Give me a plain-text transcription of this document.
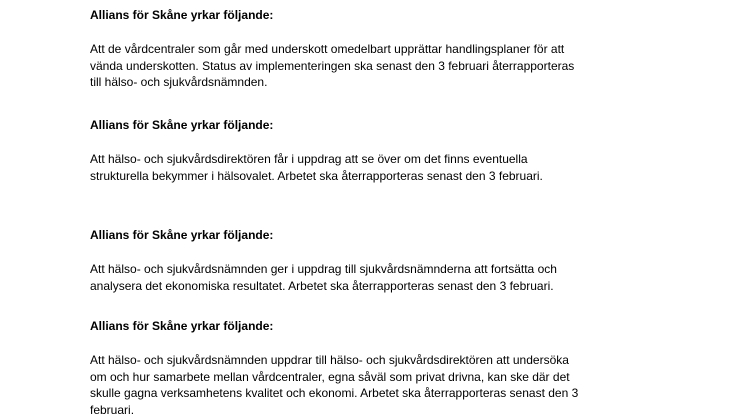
Allians för Skåne yrkar följande:

Att de vårdcentraler som går med underskott omedelbart upprättar handlingsplaner för att
vända underskotten. Status av implementeringen ska senast den 3 februari återrapporteras
till hälso- och sjukvårdsnämnden.

Allians för Skåne yrkar följande:

Att hälso- och sjukvårdsdirektören får i uppdrag att se över om det finns eventuella
strukturella bekymmer i hälsovalet. Arbetet ska återrapporteras senast den 3 februari.

Allians för Skåne yrkar följande:

Att hälso- och sjukvårdsnämnden ger i uppdrag till sjukvårdsnämnderna att fortsätta och
analysera det ekonomiska resultatet. Arbetet ska återrapporteras senast den 3 februari.

Allians för Skåne yrkar följande:

Att hälso- och sjukvårdsnämnden uppdrar till hälso- och sjukvårdsdirektören att undersöka
om och hur samarbete mellan vårdcentraler, egna såväl som privat drivna, kan ske där det
skulle gagna verksamhetens kvalitet och ekonomi. Arbetet ska återrapporteras senast den 3
februari.
